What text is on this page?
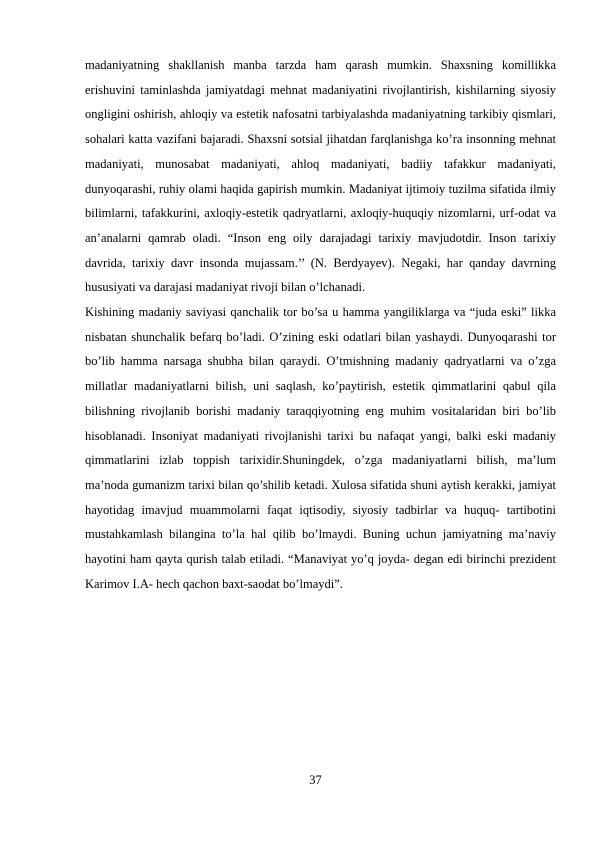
madaniyatning shakllanish manba tarzda ham qarash mumkin. Shaxsning komillikka erishuvini taminlashda jamiyatdagi mehnat madaniyatini rivojlantirish, kishilarning siyosiy ongligini oshirish, ahloqiy va estetik nafosatni tarbiyalashda madaniyatning tarkibiy qismlari, sohalari katta vazifani bajaradi. Shaxsni sotsial jihatdan farqlanishga ko’ra insonning mehnat madaniyati, munosabat madaniyati, ahloq madaniyati, badiiy tafakkur madaniyati, dunyoqarashi, ruhiy olami haqida gapirish mumkin. Madaniyat ijtimoiy tuzilma sifatida ilmiy bilimlarni, tafakkurini, axloqiy-estetik qadryatlarni, axloqiy-huquqiy nizomlarni, urf-odat va an’analarni qamrab oladi. “Inson eng oily darajadagi tarixiy mavjudotdir. Inson tarixiy davrida, tarixiy davr insonda mujassam.’’ (N. Berdyayev). Negaki, har qanday davrning hususiyati va darajasi madaniyat rivoji bilan o’lchanadi.

Kishining madaniy saviyasi qanchalik tor bo’sa u hamma yangiliklarga va “juda eski” likka nisbatan shunchalik befarq bo’ladi. O’zining eski odatlari bilan yashaydi. Dunyoqarashi tor bo’lib hamma narsaga shubha bilan qaraydi. O’tmishning madaniy qadryatlarni va o’zga millatlar madaniyatlarni bilish, uni saqlash, ko’paytirish, estetik qimmatlarini qabul qila bilishning rivojlanib borishi madaniy taraqqiyotning eng muhim vositalaridan biri bo’lib hisoblanadi. Insoniyat madaniyati rivojlanishi tarixi bu nafaqat yangi, balki eski madaniy qimmatlarini izlab toppish tarixidir.Shuningdek, o’zga madaniyatlarni bilish, ma’lum ma’noda gumanizm tarixi bilan qo’shilib ketadi. Xulosa sifatida shuni aytish kerakki, jamiyat hayotidag imavjud muammolarni faqat iqtisodiy, siyosiy tadbirlar va huquq- tartibotini mustahkamlash bilangina to’la hal qilib bo’lmaydi. Buning uchun jamiyatning ma’naviy hayotini ham qayta qurish talab etiladi. “Manaviyat yo’q joyda- degan edi birinchi prezident Karimov I.A- hech qachon baxt-saodat bo’lmaydi”.

37
